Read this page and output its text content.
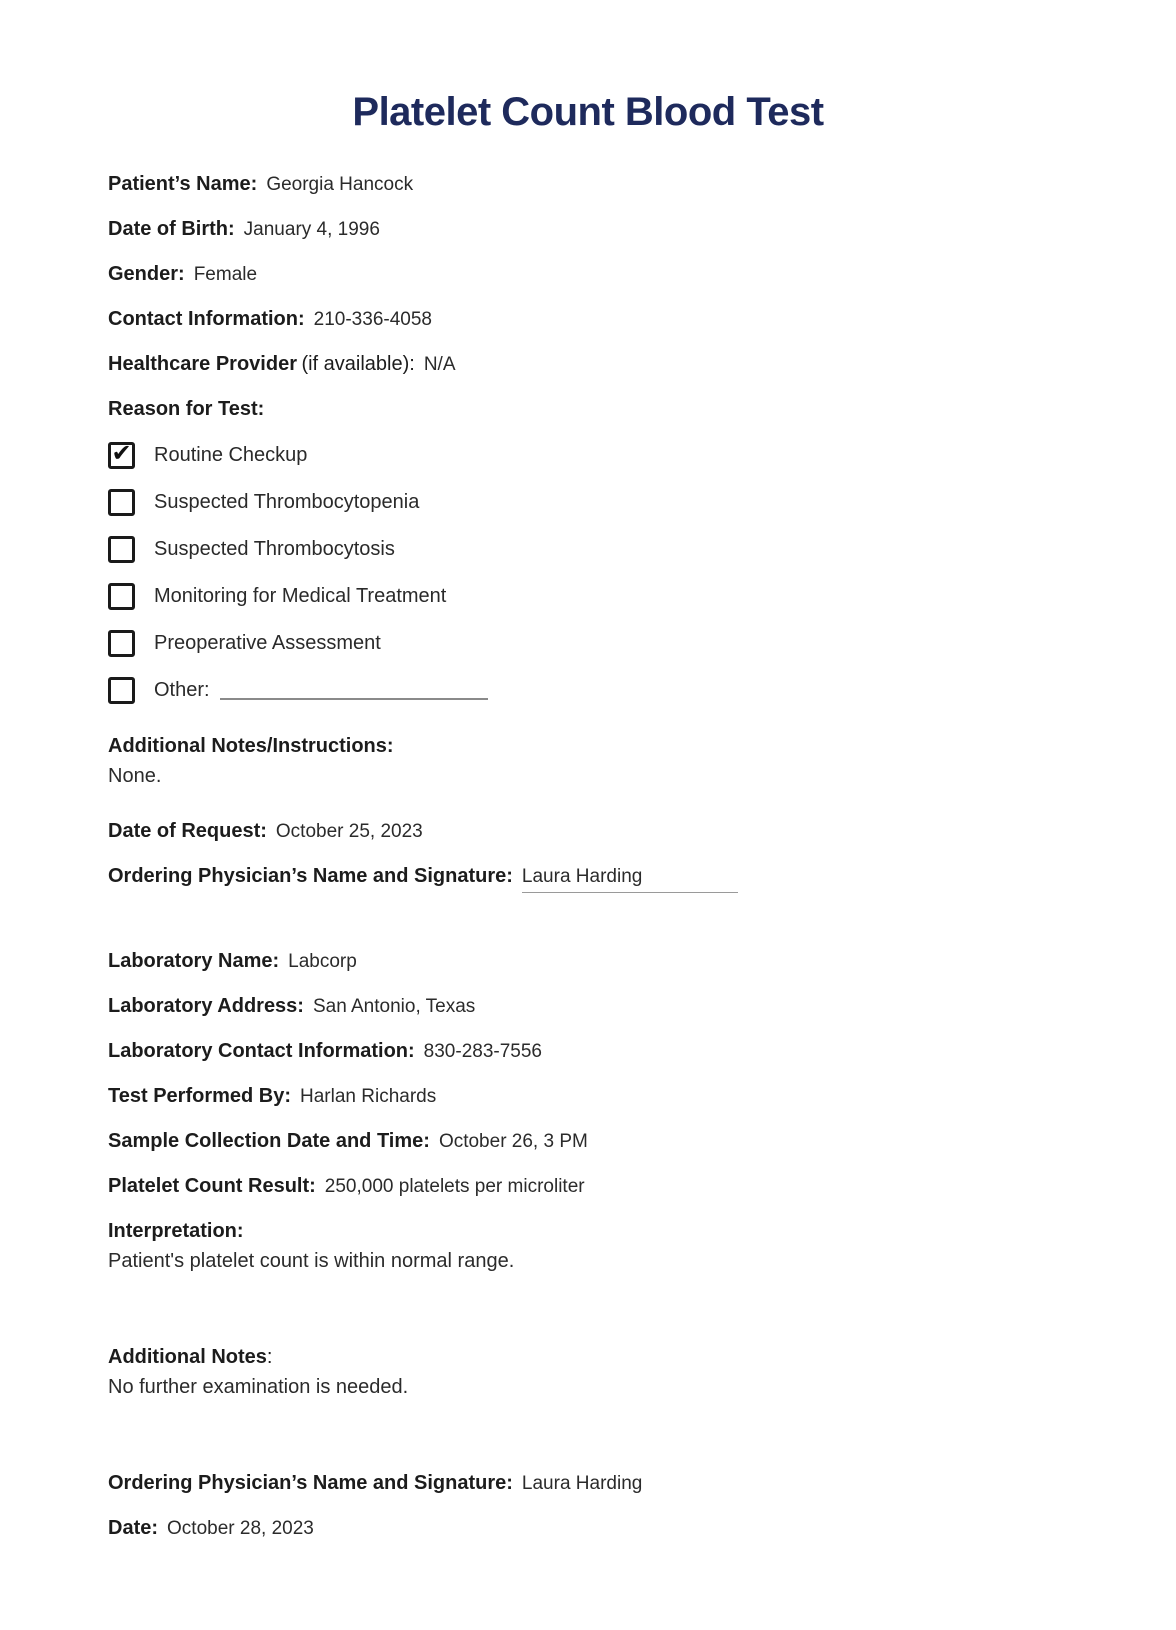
Platelet Count Blood Test
Patient’s Name: Georgia Hancock
Date of Birth: January 4, 1996
Gender: Female
Contact Information: 210-336-4058
Healthcare Provider (if available): N/A
Reason for Test:
✔ Routine Checkup
Suspected Thrombocytopenia
Suspected Thrombocytosis
Monitoring for Medical Treatment
Preoperative Assessment
Other:
Additional Notes/Instructions:
None.
Date of Request: October 25, 2023
Ordering Physician’s Name and Signature: Laura Harding
Laboratory Name: Labcorp
Laboratory Address: San Antonio, Texas
Laboratory Contact Information: 830-283-7556
Test Performed By: Harlan Richards
Sample Collection Date and Time: October 26, 3 PM
Platelet Count Result: 250,000 platelets per microliter
Interpretation:
Patient's platelet count is within normal range.
Additional Notes:
No further examination is needed.
Ordering Physician’s Name and Signature: Laura Harding
Date: October 28, 2023
